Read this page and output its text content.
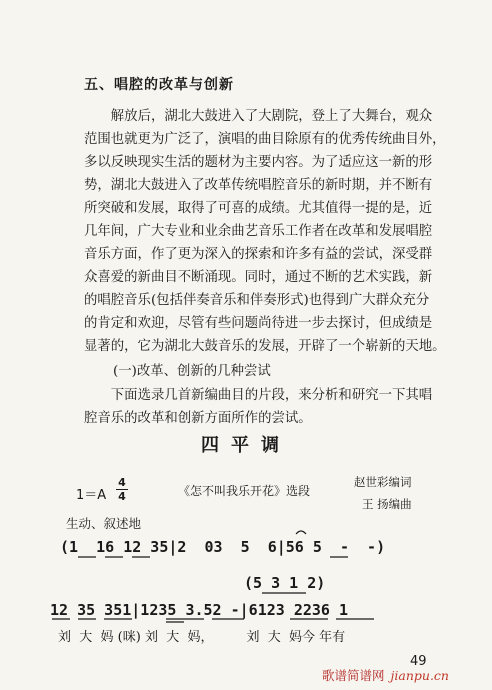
五、唱腔的改革与创新

解放后，湖北大鼓进入了大剧院，登上了大舞台，观众

范围也就更为广泛了，演唱的曲目除原有的优秀传统曲目外，

多以反映现实生活的题材为主要内容。为了适应这一新的形

势，湖北大鼓进入了改革传统唱腔音乐的新时期，并不断有

所突破和发展，取得了可喜的成绩。尤其值得一提的是，近

几年间，广大专业和业余曲艺音乐工作者在改革和发展唱腔

音乐方面，作了更为深入的探索和许多有益的尝试，深受群

众喜爱的新曲目不断涌现。同时，通过不断的艺术实践，新

的唱腔音乐(包括伴奏音乐和伴奏形式)也得到广大群众充分

的肯定和欢迎，尽管有些问题尚待进一步去探讨，但成绩是

显著的，它为湖北大鼓音乐的发展，开辟了一个崭新的天地。

(一)改革、创新的几种尝试

下面选录几首新编曲目的片段，来分析和研究一下其唱

腔音乐的改革和创新方面所作的尝试。

四平调
1＝A
4
4	《怎不叫我乐开花》选段
赵世彩编词
王 扬编曲
生动、叙述地
(1  16 12 35|2  03  5  6|56 5  -  -)
(5 3 1 2)
12 35 351|1235 3.52 -|6123 2236 1
刘  大  妈 (咪) 刘  大  妈，        刘  大  妈今 年有
49
歌谱简谱网 jianpu.cn
